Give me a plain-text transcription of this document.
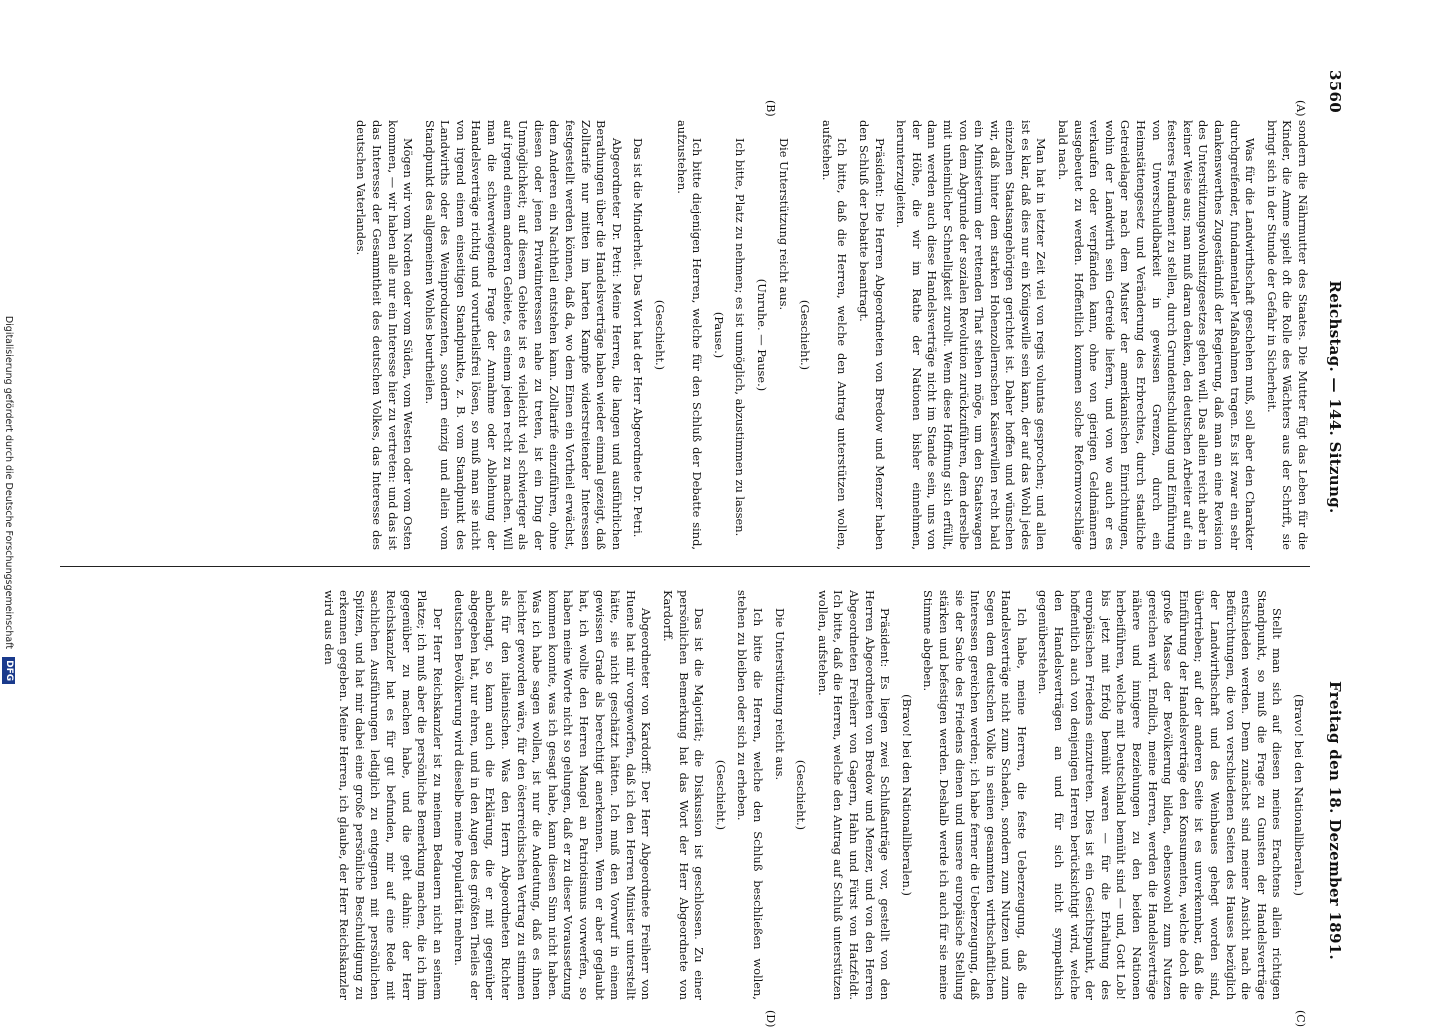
3560
Reichstag. — 144. Sitzung.
Freitag den 18. Dezember 1891.
(A)
(B)
(C)
(D)

sondern die Nährmutter des Staates. Die Mutter fügt das Leben für die Kinder, die Amme spielt oft die Rolle des Wächters aus der Schrift, sie bringt sich in der Stunde der Gefahr in Sicherheit.

Was für die Landwirthschaft geschehen muß, soll aber den Charakter durchgreifender, fundamentaler Maßnahmen tragen. Es ist zwar ein sehr dankenswerthes Zugeständniß der Regierung, daß man an eine Revision des Unterstützungswohnsitzgesetzes gehen will. Das allein reicht aber in keiner Weise aus; man muß daran denken, den deutschen Arbeiter auf ein festeres Fundament zu stellen, durch Grundentschuldung und Einführung von Unverschuldbarkeit in gewissen Grenzen, durch ein Heimstättengesetz und Veränderung des Erbrechtes, durch staatliche Getreidelager nach dem Muster der amerikanischen Einrichtungen, wohin der Landwirth sein Getreide liefern, und von wo auch er es verkaufen oder verpfänden kann, ohne von gierigen Geldmännern ausgebeutet zu werden. Hoffentlich kommen solche Reformvorschläge bald nach.

Man hat in letzter Zeit viel von regis voluntas gesprochen; und allen ist es klar, daß dies nur ein Königswille sein kann, der auf das Wohl jedes einzelnen Staatsangehörigen gerichtet ist. Daher hoffen und wünschen wir, daß hinter dem starken Hohenzollernschen Kaiserwillen recht bald ein Ministerium der rettenden That stehen möge, um den Staatswagen von dem Abgrunde der sozialen Revolution zurückzuführen, dem derselbe mit unheimlicher Schnelligkeit zurollt. Wenn diese Hoffnung sich erfüllt, dann werden auch diese Handelsverträge nicht im Stande sein, uns von der Höhe, die wir im Rathe der Nationen bisher einnehmen, herunterzugleiten.

Präsident: Die Herren Abgeordneten von Bredow und Menzer haben den Schluß der Debatte beantragt.

Ich bitte, daß die Herren, welche den Antrag unterstützen wollen, aufstehen.

(Geschieht.)

Die Unterstützung reicht aus.

(Unruhe. — Pause.)

Ich bitte, Platz zu nehmen; es ist unmöglich, abzustimmen zu lassen.

(Pause.)

Ich bitte diejenigen Herren, welche für den Schluß der Debatte sind, aufzustehen.

(Geschieht.)

Das ist die Minderheit. Das Wort hat der Herr Abgeordnete Dr. Petri.

Abgeordneter Dr. Petri: Meine Herren, die langen und ausführlichen Berathungen über die Handelsverträge haben wieder einmal gezeigt, daß Zolltarife nur mitten im harten Kampfe widerstreitender Interessen festgestellt werden können, daß da, wo dem Einen ein Vortheil erwächst, dem Anderen ein Nachtheil entstehen kann. Zolltarife einzuführen, ohne diesen oder jenen Privatinteressen nahe zu treten, ist ein Ding der Unmöglichkeit; auf diesem Gebiete ist es vielleicht viel schwieriger als auf irgend einem anderen Gebiete, es einem jeden recht zu machen. Will man die schwerwiegende Frage der Annahme oder Ablehnung der Handelsverträge richtig und vorurtheilsfrei lösen, so muß man sie nicht von irgend einem einseitigen Standpunkte, z. B. vom Standpunkt des Landwirths oder des Weinproduzenten, sondern einzig und allein vom Standpunkt des allgemeinen Wohles beurtheilen.

Mögen wir vom Norden oder vom Süden, vom Westen oder vom Osten kommen, — wir haben alle nur ein Interesse hier zu vertreten: und das ist das Interesse der Gesammtheit des deutschen Volkes, das Interesse des deutschen Vaterlandes.

(Bravo! bei den Nationalliberalen.)

Stellt man sich auf diesen meines Erachtens allein richtigen Standpunkt, so muß die Frage zu Gunsten der Handelsverträge entschieden werden. Denn zunächst sind meiner Ansicht nach die Befürchtungen, die von verschiedenen Seiten des Hauses bezüglich der Landwirthschaft und des Weinbaues gehegt worden sind, übertrieben; auf der anderen Seite ist es unverkennbar, daß die Einführung der Handelsverträge den Konsumenten, welche doch die große Masse der Bevölkerung bilden, ebensowohl zum Nutzen gereichen wird. Endlich, meine Herren, werden die Handelsverträge nähere und innigere Beziehungen zu den beiden Nationen herbeiführen, welche mit Deutschland bemüht sind — und, Gott Lob! bis jetzt mit Erfolg bemüht waren — für die Erhaltung des europäischen Friedens einzutreten. Dies ist ein Gesichtspunkt, der hoffentlich auch von denjenigen Herren berücksichtigt wird, welche den Handelsverträgen an und für sich nicht sympathisch gegenüberstehen.

Ich habe, meine Herren, die feste Ueberzeugung, daß die Handelsverträge nicht zum Schaden, sondern zum Nutzen und zum Segen dem deutschen Volke in seinen gesammten wirthschaftlichen Interessen gereichen werden; ich habe ferner die Ueberzeugung, daß sie der Sache des Friedens dienen und unsere europäische Stellung stärken und befestigen werden. Deshalb werde ich auch für sie meine Stimme abgeben.

(Bravo! bei den Nationalliberalen.)

Präsident: Es liegen zwei Schlußanträge vor, gestellt von den Herren Abgeordneten von Bredow und Menzer, und von den Herren Abgeordneten Freiherr von Gagern, Hahn und Fürst von Hatzfeldt. Ich bitte, daß die Herren, welche den Antrag auf Schluß unterstützen wollen, aufstehen.

(Geschieht.)

Die Unterstützung reicht aus.

Ich bitte die Herren, welche den Schluß beschließen wollen, stehen zu bleiben oder sich zu erheben.

(Geschieht.)

Das ist die Majorität; die Diskussion ist geschlossen. Zu einer persönlichen Bemerkung hat das Wort der Herr Abgeordnete von Kardorff.

Abgeordneter von Kardorff: Der Herr Abgeordnete Freiherr von Huene hat mir vorgeworfen, daß ich den Herren Minister unterstellt hätte, sie nicht geschätzt hätten. Ich muß den Vorwurf in einem gewissen Grade als berechtigt anerkennen. Wenn er aber geglaubt hat, ich wollte den Herren Mangel an Patriotismus vorwerfen, so haben meine Worte nicht so gelungen, daß er zu dieser Voraussetzung kommen konnte, was ich gesagt habe, kann diesen Sinn nicht haben. Was ich habe sagen wollen, ist nur die Andeutung, daß es ihnen leichter geworden wäre, für den österreichischen Vertrag zu stimmen als für den italienischen. Was den Herrn Abgeordneten Richter anbelangt, so kann auch die Erklärung, die er mit gegenüber abgegeben hat, nur ehren, und in den Augen des größten Theiles der deutschen Bevölkerung wird dieselbe meine Popularität mehren.

Der Herr Reichskanzler ist zu meinem Bedauern nicht an seinem Platze; ich muß aber die persönliche Bemerkung machen, die ich ihm gegenüber zu machen habe, und die geht dahin: der Herr Reichskanzler hat es für gut befunden, mir auf eine Rede mit sachlichen Ausführungen lediglich zu entgegnen mit persönlichen Spitzen, und hat mir dabei eine große persönliche Beschuldigung zu erkennen gegeben. Meine Herren, ich glaube, der Herr Reichskanzler wird aus den

Digitalisierung gefördert durch die Deutsche Forschungsgemeinschaft
DFG
